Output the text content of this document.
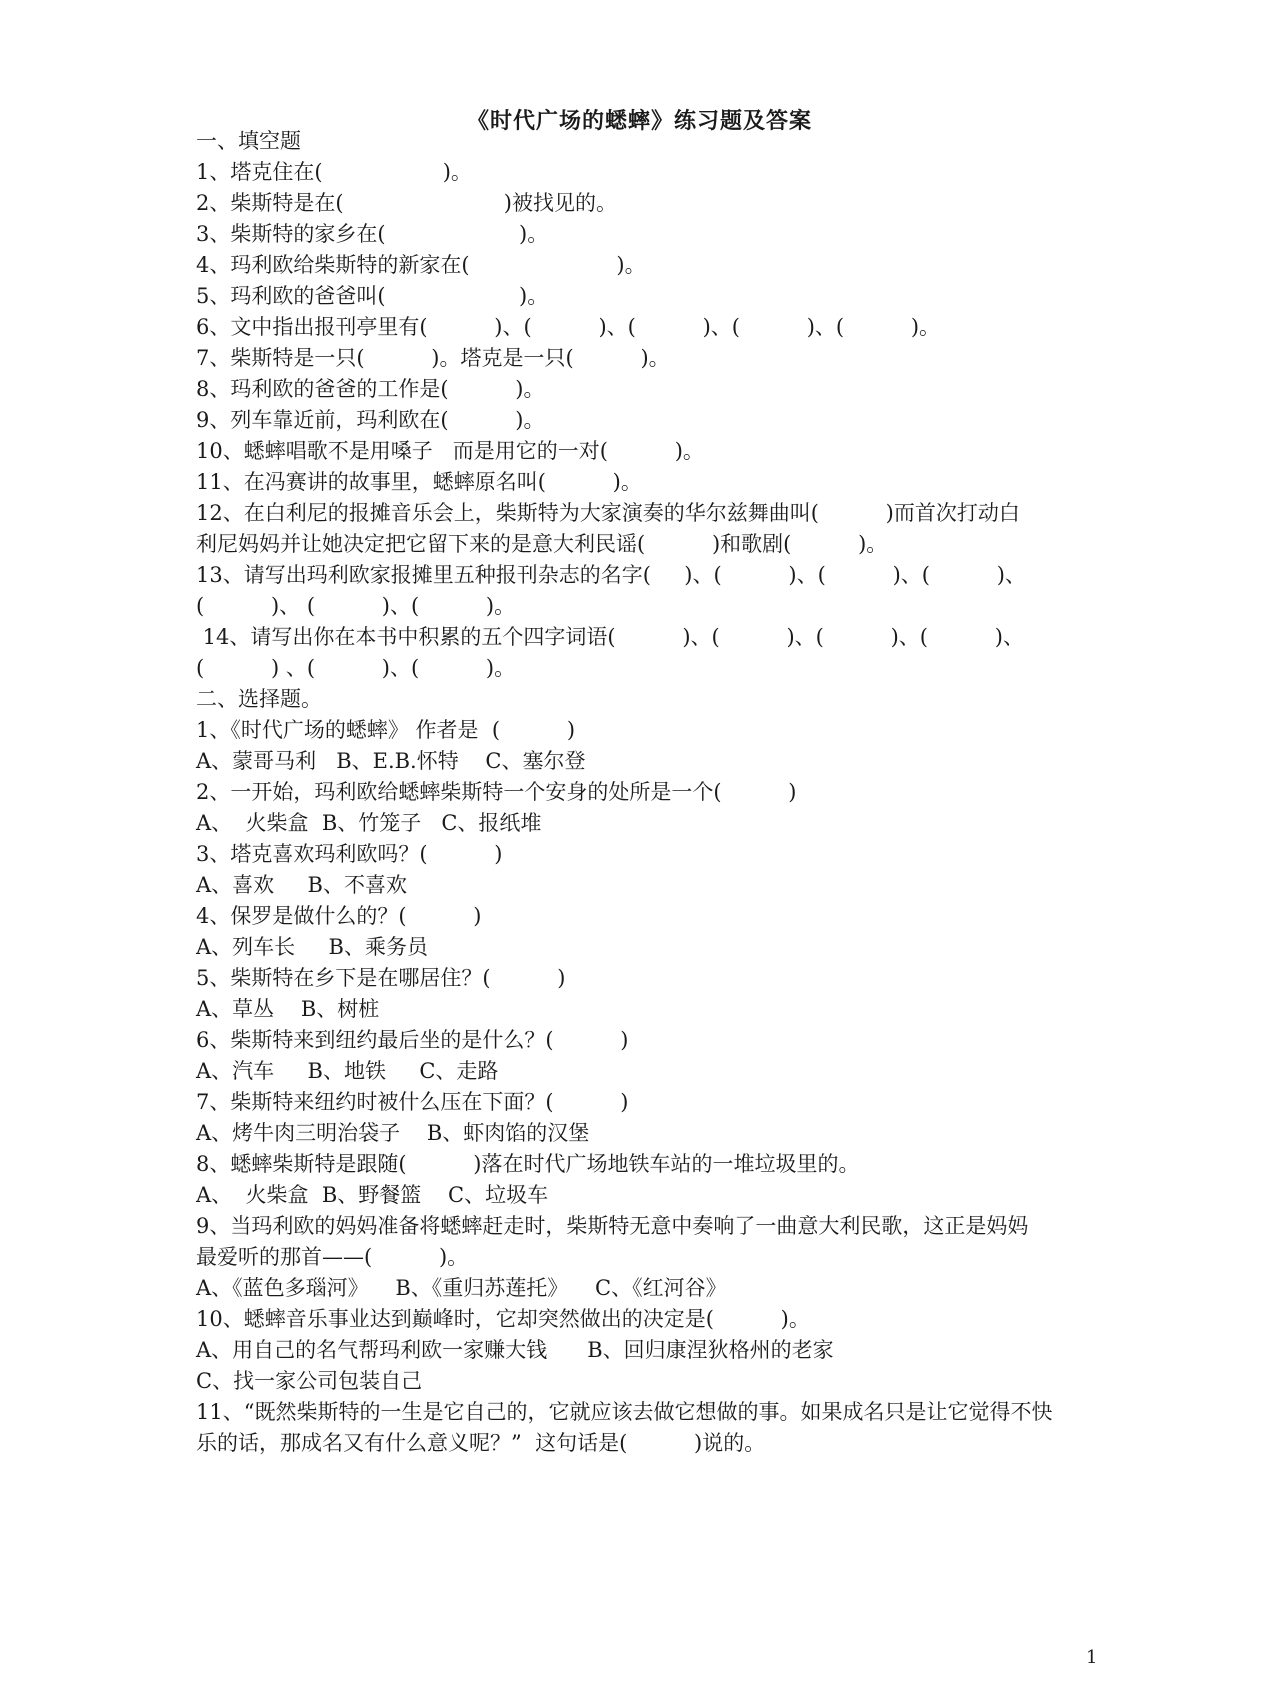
《时代广场的蟋蟀》练习题及答案
一、填空题
1、塔克住在(                  )。
2、柴斯特是在(                        )被找见的。
3、柴斯特的家乡在(                    )。
4、玛利欧给柴斯特的新家在(                      )。
5、玛利欧的爸爸叫(                    )。
6、文中指出报刊亭里有(          )、(          )、(          )、(          )、(          )。
7、柴斯特是一只(          )。塔克是一只(          )。
8、玛利欧的爸爸的工作是(          )。
9、列车靠近前，玛利欧在(          )。
10、蟋蟀唱歌不是用嗓子   而是用它的一对(          )。
11、在冯赛讲的故事里，蟋蟀原名叫(          )。
12、在白利尼的报摊音乐会上，柴斯特为大家演奏的华尔兹舞曲叫(          )而首次打动白
利尼妈妈并让她决定把它留下来的是意大利民谣(          )和歌剧(          )。
13、请写出玛利欧家报摊里五种报刊杂志的名字(     )、(          )、(          )、(          )、
(          )、 (          )、(          )。
14、请写出你在本书中积累的五个四字词语(          )、(          )、(          )、(          )、
(          ) 、(          )、(          )。
二、选择题。
1、《时代广场的蟋蟀》 作者是  (          )
A、蒙哥马利   B、E.B.怀特    C、塞尔登
2、一开始，玛利欧给蟋蟀柴斯特一个安身的处所是一个(          )
A、  火柴盒  B、竹笼子   C、报纸堆
3、塔克喜欢玛利欧吗？(          )
A、喜欢     B、不喜欢
4、保罗是做什么的？(          )
A、列车长     B、乘务员
5、柴斯特在乡下是在哪居住？(          )
A、草丛    B、树桩
6、柴斯特来到纽约最后坐的是什么？(          )
A、汽车     B、地铁     C、走路
7、柴斯特来纽约时被什么压在下面？(          )
A、烤牛肉三明治袋子    B、虾肉馅的汉堡
8、蟋蟀柴斯特是跟随(          )落在时代广场地铁车站的一堆垃圾里的。
A、  火柴盒  B、野餐篮    C、垃圾车
9、当玛利欧的妈妈准备将蟋蟀赶走时，柴斯特无意中奏响了一曲意大利民歌，这正是妈妈
最爱听的那首——(          )。
A、《蓝色多瑙河》    B、《重归苏莲托》    C、《红河谷》
10、蟋蟀音乐事业达到巅峰时，它却突然做出的决定是(          )。
A、用自己的名气帮玛利欧一家赚大钱      B、回归康涅狄格州的老家
C、找一家公司包装自己
11、“既然柴斯特的一生是它自己的，它就应该去做它想做的事。如果成名只是让它觉得不快
乐的话，那成名又有什么意义呢？”  这句话是(          )说的。
1
